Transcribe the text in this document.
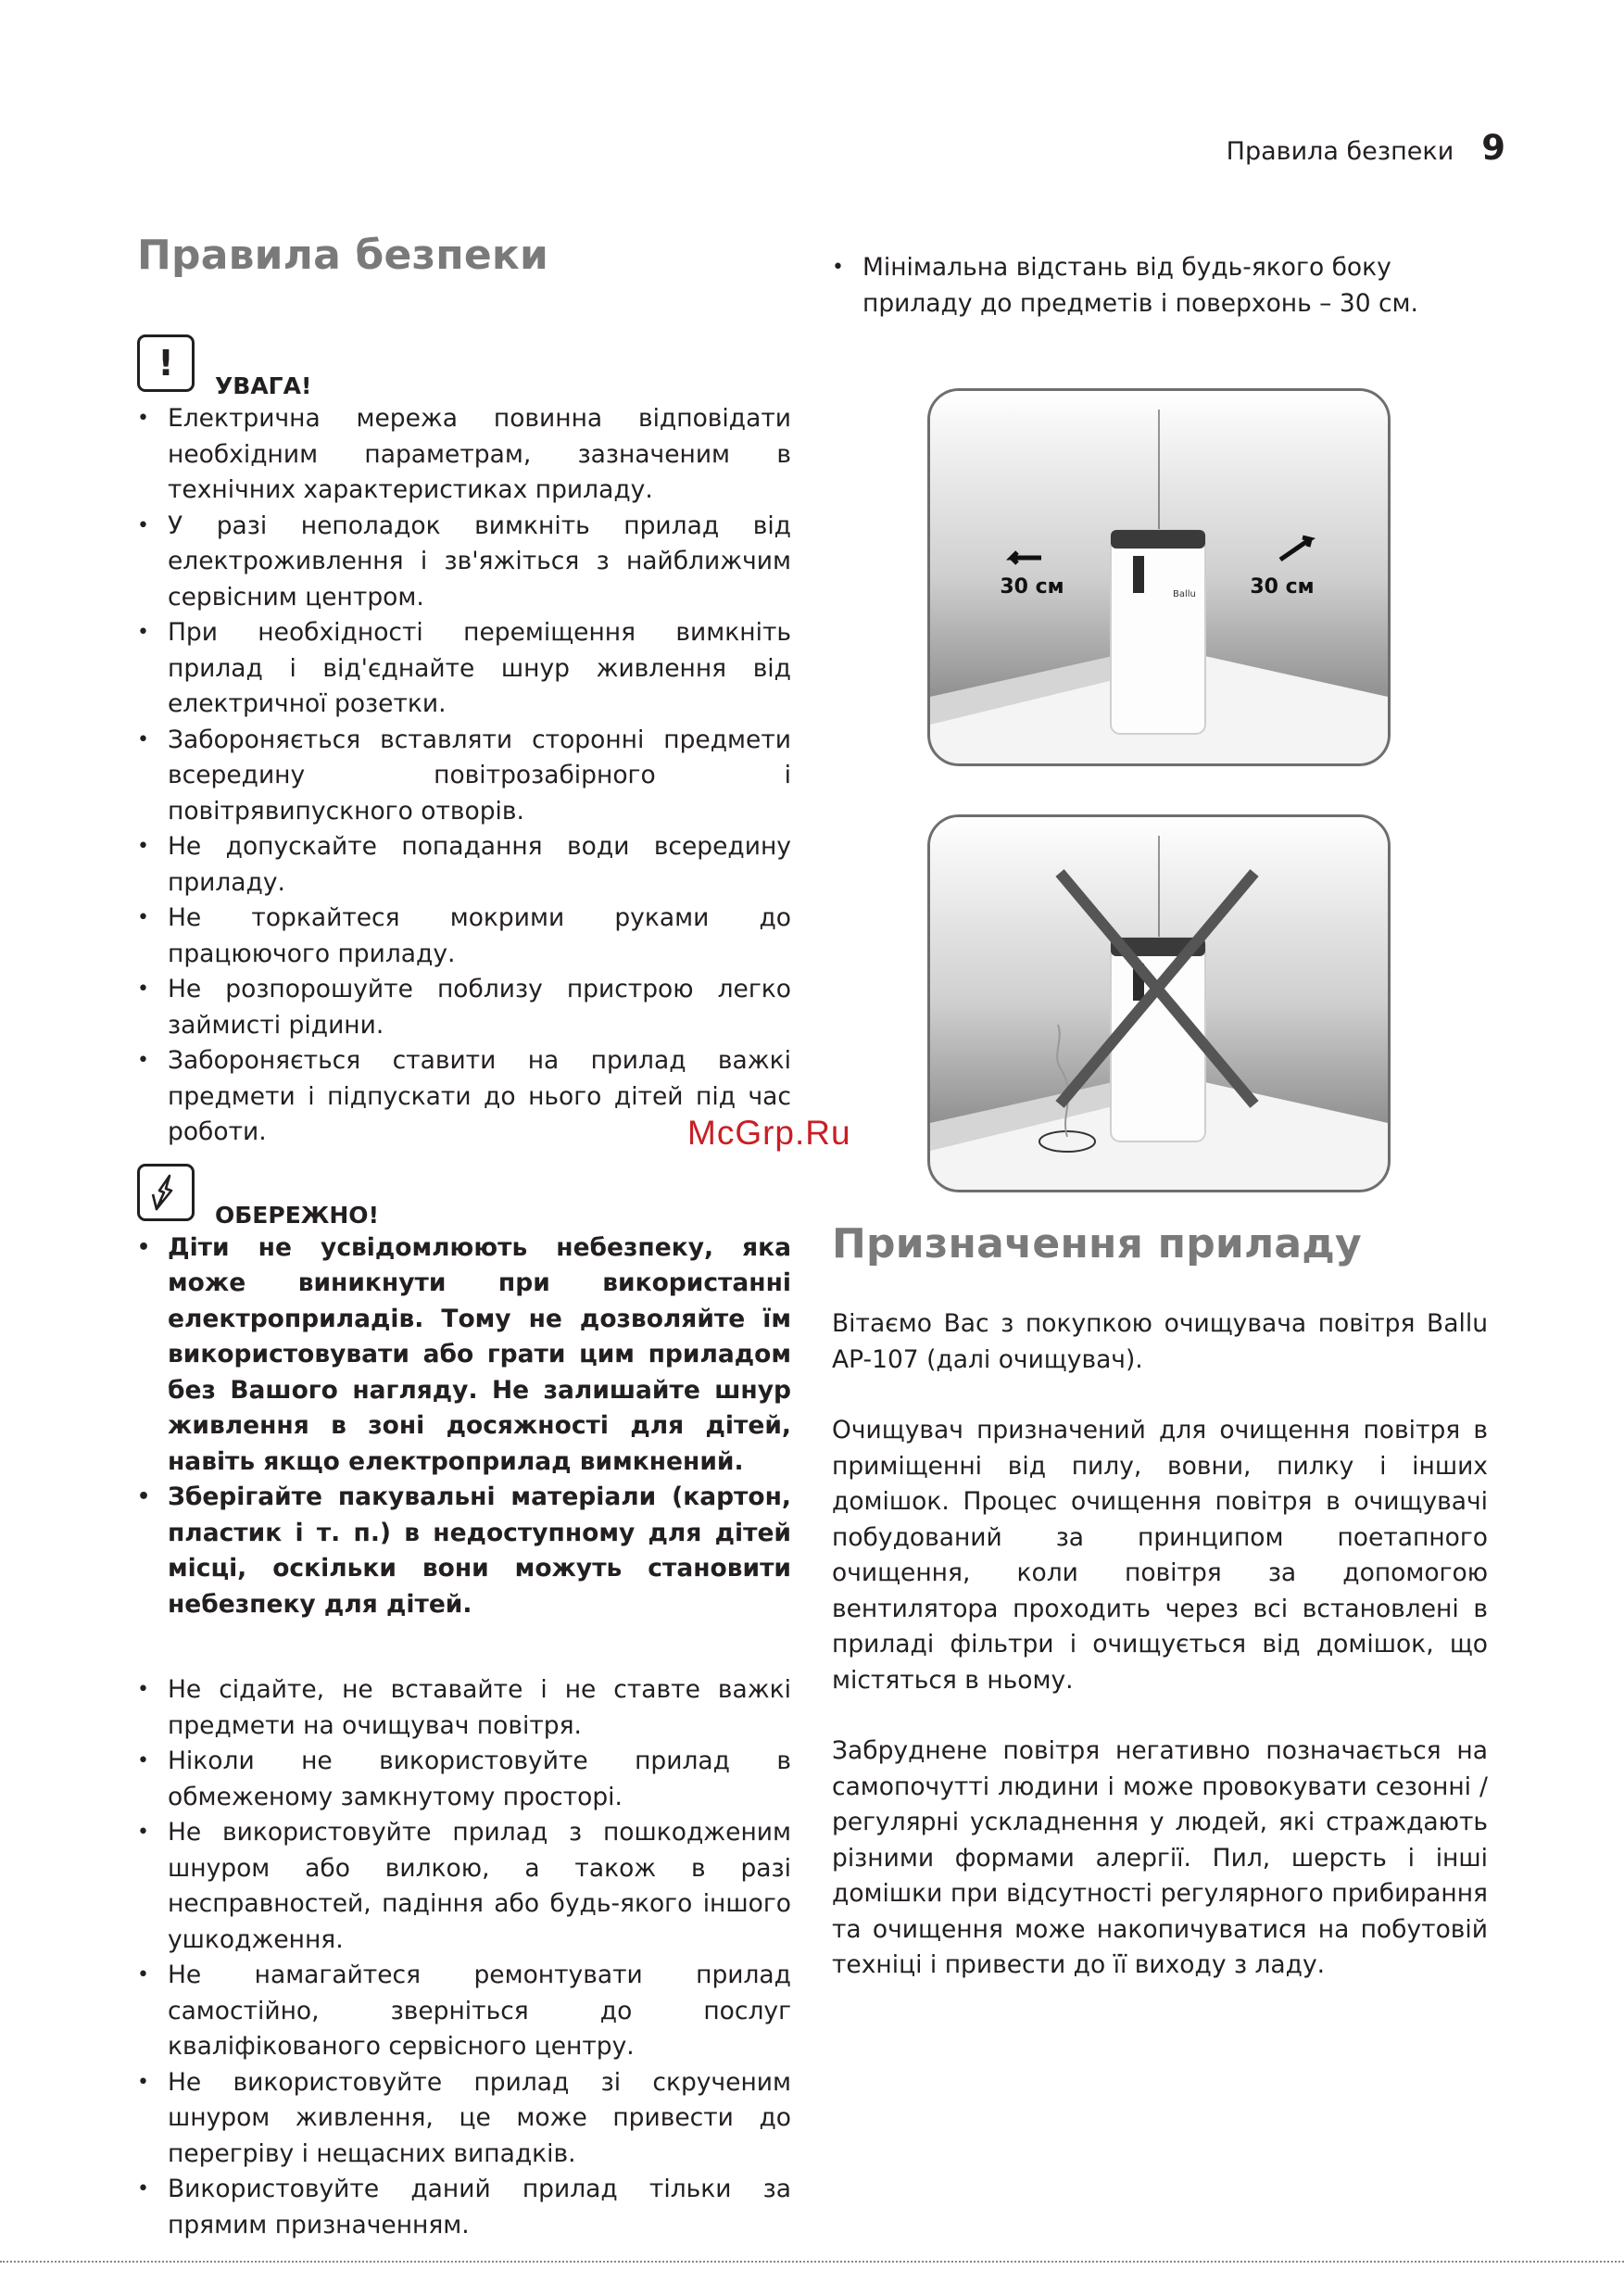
Правила безпеки 9
Правила безпеки
!
УВАГА!
• Електрична мережа повинна відповідати необхідним параметрам, зазначеним в технічних характеристиках приладу.
• У разі неполадок вимкніть прилад від електроживлення і зв'яжіться з найближчим сервісним центром.
• При необхідності переміщення вимкніть прилад і від'єднайте шнур живлення від електричної розетки.
• Забороняється вставляти сторонні предмети всередину повітрозабірного і повітрявипускного отворів.
• Не допускайте попадання води всередину приладу.
• Не торкайтеся мокрими руками до працюючого приладу.
• Не розпорошуйте поблизу пристрою легко займисті рідини.
• Забороняється ставити на прилад важкі предмети і підпускати до нього дітей під час роботи.
ОБЕРЕЖНО!
• Діти не усвідомлюють небезпеку, яка може виникнути при використанні електроприладів. Тому не дозволяйте їм використовувати або грати цим приладом без Вашого нагляду. Не залишайте шнур живлення в зоні досяжності для дітей, навіть якщо електроприлад вимкнений.
• Зберігайте пакувальні матеріали (картон, пластик і т. п.) в недоступному для дітей місці, оскільки вони можуть становити небезпеку для дітей.
• Не сідайте, не вставайте і не ставте важкі предмети на очищувач повітря.
• Ніколи не використовуйте прилад в обмеженому замкнутому просторі.
• Не використовуйте прилад з пошкодженим шнуром або вилкою, а також в разі несправностей, падіння або будь-якого іншого ушкодження.
• Не намагайтеся ремонтувати прилад самостійно, зверніться до послуг кваліфікованого сервісного центру.
• Не використовуйте прилад зі скрученим шнуром живлення, це може привести до перегріву і нещасних випадків.
• Використовуйте даний прилад тільки за прямим призначенням.
• Мінімальна відстань від будь-якого боку приладу до предметів і поверхонь – 30 см.
Ballu
30 см	30 см
Призначення приладу

Вітаємо Вас з покупкою очищувача повітря Ballu AP-107 (далі очищувач).

Очищувач призначений для очищення повітря в приміщенні від пилу, вовни, пилку і інших домішок. Процес очищення повітря в очищувачі побудований за принципом поетапного очищення, коли повітря за допомогою вентилятора проходить через всі встановлені в приладі фільтри і очищується від домішок, що містяться в ньому.

Забруднене повітря негативно позначається на самопочутті людини і може провокувати сезонні /регулярні ускладнення у людей, які страждають різними формами алергії. Пил, шерсть і інші домішки при відсутності регулярного прибирання та очищення може накопичуватися на побутовій техніці і привести до її виходу з ладу.

McGrp.Ru
